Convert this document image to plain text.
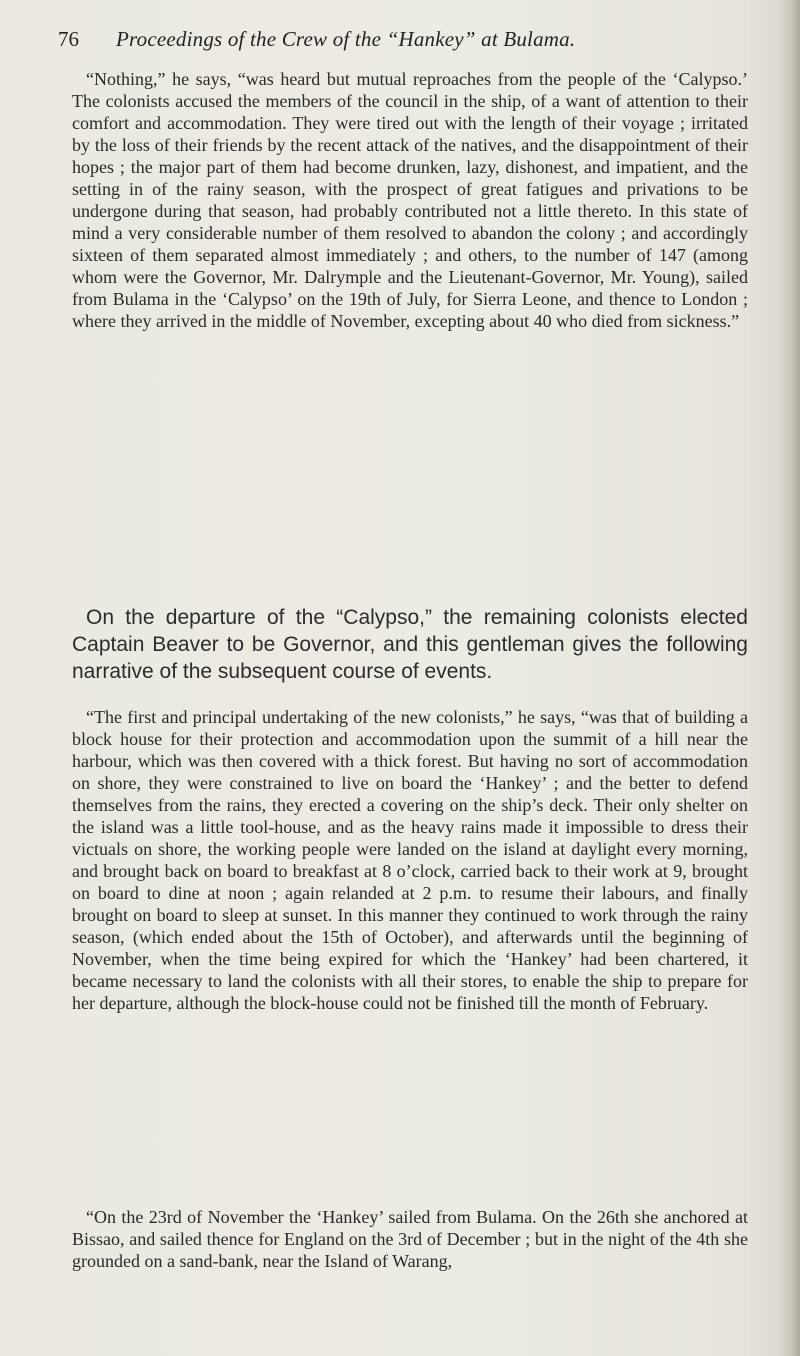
76 Proceedings of the Crew of the “Hankey” at Bulama.

“Nothing,” he says, “was heard but mutual reproaches from the people of the ‘Calypso.’ The colonists accused the members of the council in the ship, of a want of attention to their comfort and accommodation. They were tired out with the length of their voyage ; irritated by the loss of their friends by the recent attack of the natives, and the disappointment of their hopes ; the major part of them had become drunken, lazy, dishonest, and impatient, and the setting in of the rainy season, with the prospect of great fatigues and privations to be undergone during that season, had probably contributed not a little thereto. In this state of mind a very considerable number of them resolved to abandon the colony ; and accordingly sixteen of them separated almost immediately ; and others, to the number of 147 (among whom were the Governor, Mr. Dalrymple and the Lieutenant-Governor, Mr. Young), sailed from Bulama in the ‘Calypso’ on the 19th of July, for Sierra Leone, and thence to London ; where they arrived in the middle of November, excepting about 40 who died from sickness.”

On the departure of the “Calypso,” the remaining colonists elected Captain Beaver to be Governor, and this gentleman gives the following narrative of the subsequent course of events.

“The first and principal undertaking of the new colonists,” he says, “was that of building a block house for their protection and accommodation upon the summit of a hill near the harbour, which was then covered with a thick forest. But having no sort of accommodation on shore, they were constrained to live on board the ‘Hankey’ ; and the better to defend themselves from the rains, they erected a covering on the ship’s deck. Their only shelter on the island was a little tool-house, and as the heavy rains made it impossible to dress their victuals on shore, the working people were landed on the island at daylight every morning, and brought back on board to breakfast at 8 o’clock, carried back to their work at 9, brought on board to dine at noon ; again relanded at 2 p.m. to resume their labours, and finally brought on board to sleep at sunset. In this manner they continued to work through the rainy season, (which ended about the 15th of October), and afterwards until the beginning of November, when the time being expired for which the ‘Hankey’ had been chartered, it became necessary to land the colonists with all their stores, to enable the ship to prepare for her departure, although the block-house could not be finished till the month of February.

“On the 23rd of November the ‘Hankey’ sailed from Bulama. On the 26th she anchored at Bissao, and sailed thence for England on the 3rd of December ; but in the night of the 4th she grounded on a sand-bank, near the Island of Warang,
